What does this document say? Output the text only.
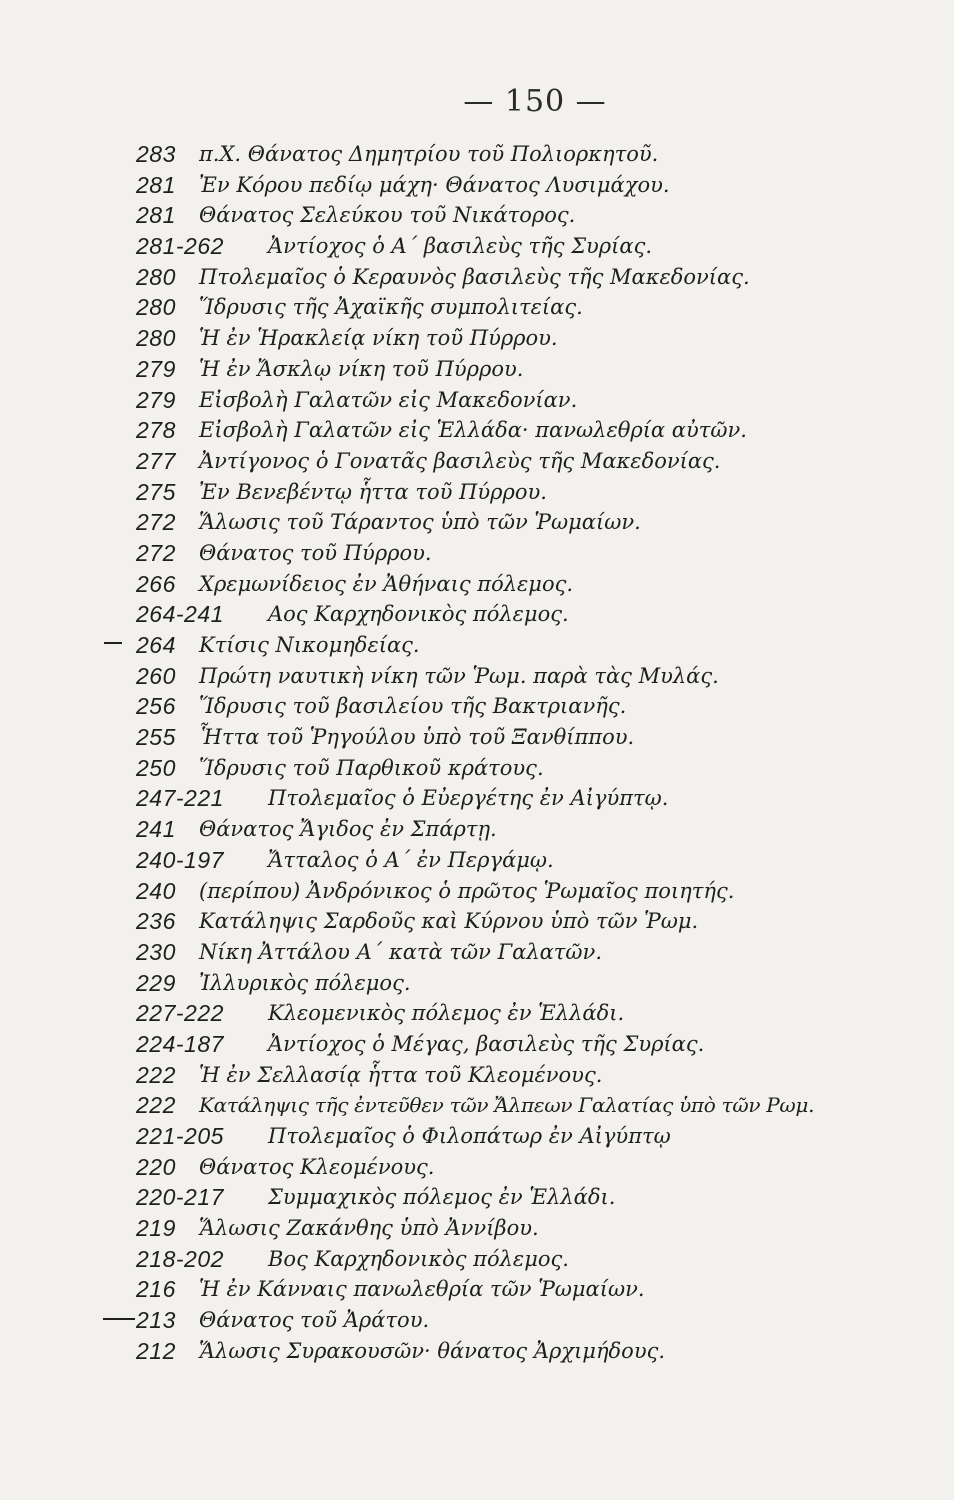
— 150 —
283 π.Χ. Θάνατος Δημητρίου τοῦ Πολιορκητοῦ.
281 Ἐν Κόρου πεδίῳ μάχη· Θάνατος Λυσιμάχου.
281 Θάνατος Σελεύκου τοῦ Νικάτορος.
281-262 Ἀντίοχος ὁ Α΄ βασιλεὺς τῆς Συρίας.
280 Πτολεμαῖος ὁ Κεραυνὸς βασιλεὺς τῆς Μακεδονίας.
280 Ἵδρυσις τῆς Ἀχαϊκῆς συμπολιτείας.
280 Ἡ ἐν Ἡρακλείᾳ νίκη τοῦ Πύρρου.
279 Ἡ ἐν Ἄσκλῳ νίκη τοῦ Πύρρου.
279 Εἰσβολὴ Γαλατῶν εἰς Μακεδονίαν.
278 Εἰσβολὴ Γαλατῶν εἰς Ἑλλάδα· πανωλεθρία αὐτῶν.
277 Ἀντίγονος ὁ Γονατᾶς βασιλεὺς τῆς Μακεδονίας.
275 Ἐν Βενεβέντῳ ἧττα τοῦ Πύρρου.
272 Ἅλωσις τοῦ Τάραντος ὑπὸ τῶν Ῥωμαίων.
272 Θάνατος τοῦ Πύρρου.
266 Χρεμωνίδειος ἐν Ἀθήναις πόλεμος.
264-241 Αος Καρχηδονικὸς πόλεμος.
264 Κτίσις Νικομηδείας.
260 Πρώτη ναυτικὴ νίκη τῶν Ῥωμ. παρὰ τὰς Μυλάς.
256 Ἵδρυσις τοῦ βασιλείου τῆς Βακτριανῆς.
255 Ἧττα τοῦ Ῥηγούλου ὑπὸ τοῦ Ξανθίππου.
250 Ἵδρυσις τοῦ Παρθικοῦ κράτους.
247-221 Πτολεμαῖος ὁ Εὐεργέτης ἐν Αἰγύπτῳ.
241 Θάνατος Ἄγιδος ἐν Σπάρτῃ.
240-197 Ἄτταλος ὁ Α΄ ἐν Περγάμῳ.
240 (περίπου) Ἀνδρόνικος ὁ πρῶτος Ῥωμαῖος ποιητής.
236 Κατάληψις Σαρδοῦς καὶ Κύρνου ὑπὸ τῶν Ῥωμ.
230 Νίκη Ἀττάλου Α΄ κατὰ τῶν Γαλατῶν.
229 Ἰλλυρικὸς πόλεμος.
227-222 Κλεομενικὸς πόλεμος ἐν Ἑλλάδι.
224-187 Ἀντίοχος ὁ Μέγας, βασιλεὺς τῆς Συρίας.
222 Ἡ ἐν Σελλασίᾳ ἧττα τοῦ Κλεομένους.
222 Κατάληψις τῆς ἐντεῦθεν τῶν Ἄλπεων Γαλατίας ὑπὸ τῶν Ρωμ.
221-205 Πτολεμαῖος ὁ Φιλοπάτωρ ἐν Αἰγύπτῳ
220 Θάνατος Κλεομένους.
220-217 Συμμαχικὸς πόλεμος ἐν Ἑλλάδι.
219 Ἅλωσις Ζακάνθης ὑπὸ Ἀννίβου.
218-202 Βος Καρχηδονικὸς πόλεμος.
216 Ἡ ἐν Κάνναις πανωλεθρία τῶν Ῥωμαίων.
213 Θάνατος τοῦ Ἀράτου.
212 Ἅλωσις Συρακουσῶν· θάνατος Ἀρχιμήδους.
